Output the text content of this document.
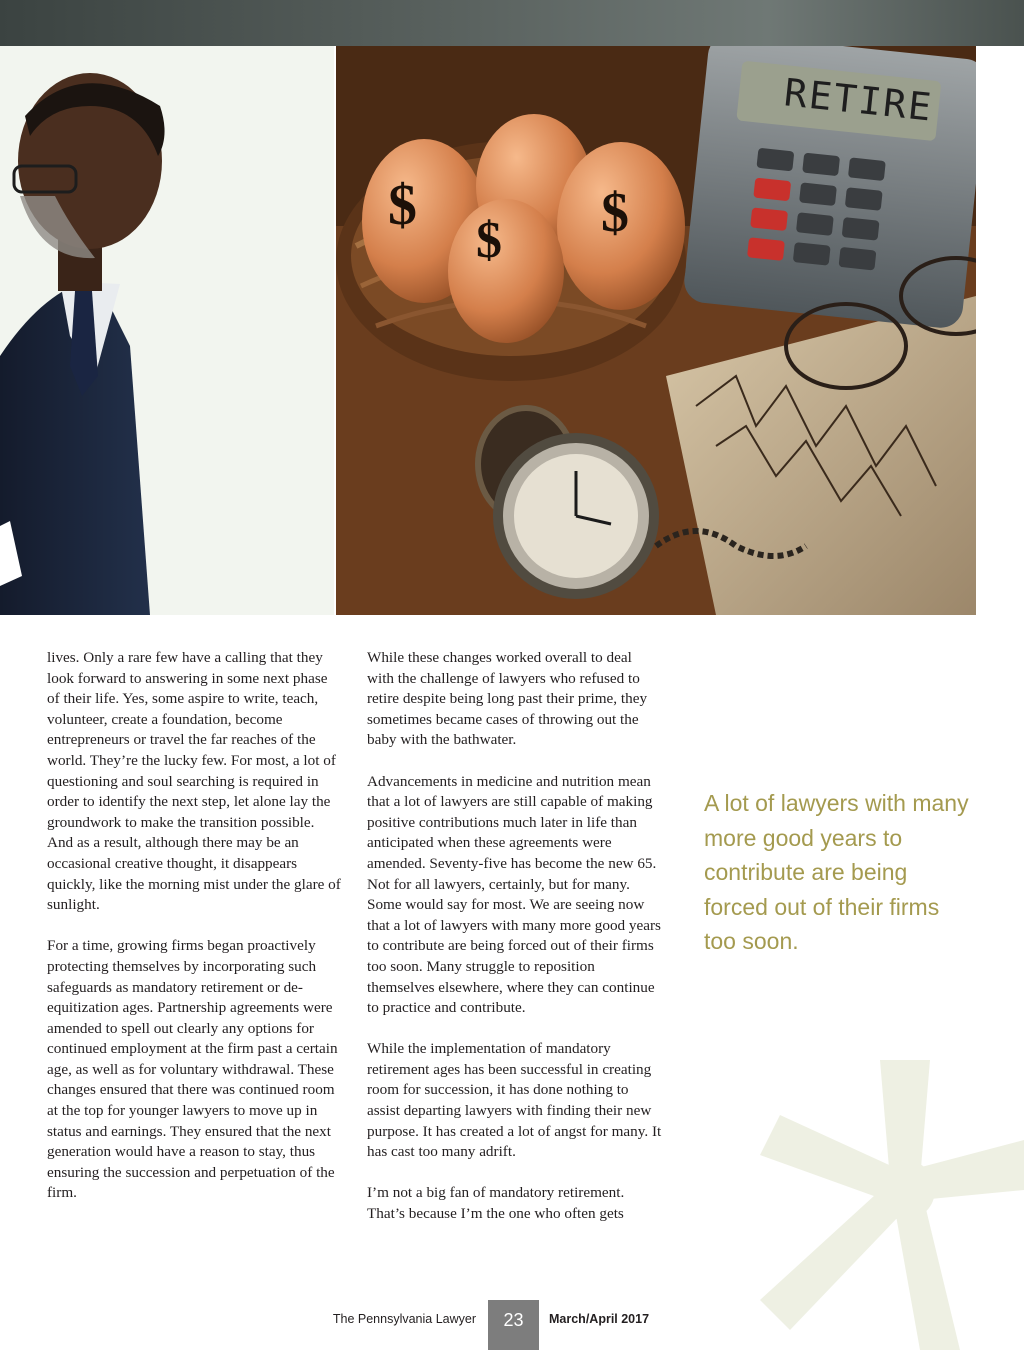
RETIRE
$
$ $

lives. Only a rare few have a calling that they look forward to answering in some next phase of their life. Yes, some aspire to write, teach, volunteer, create a foundation, become entrepreneurs or travel the far reaches of the world. They’re the lucky few. For most, a lot of questioning and soul searching is required in order to identify the next step, let alone lay the groundwork to make the transition possible. And as a result, although there may be an occasional creative thought, it disappears quickly, like the morning mist under the glare of sunlight.

For a time, growing firms began proactively protecting themselves by incorporating such safeguards as mandatory retirement or de-equitization ages. Partnership agreements were amended to spell out clearly any options for continued employment at the firm past a certain age, as well as for voluntary withdrawal. These changes ensured that there was continued room at the top for younger lawyers to move up in status and earnings. They ensured that the next generation would have a reason to stay, thus ensuring the succession and perpetuation of the firm.

While these changes worked overall to deal with the challenge of lawyers who refused to retire despite being long past their prime, they sometimes became cases of throwing out the baby with the bathwater.

Advancements in medicine and nutrition mean that a lot of lawyers are still capable of making positive contributions much later in life than anticipated when these agreements were amended. Seventy-five has become the new 65. Not for all lawyers, certainly, but for many. Some would say for most. We are seeing now that a lot of lawyers with many more good years to contribute are being forced out of their firms too soon. Many struggle to reposition themselves elsewhere, where they can continue to practice and contribute.

While the implementation of mandatory retirement ages has been successful in creating room for succession, it has done nothing to assist departing lawyers with finding their new purpose. It has created a lot of angst for many. It has cast too many adrift.

I’m not a big fan of mandatory retirement. That’s because I’m the one who often gets

A lot of lawyers with many more good years to contribute are being forced out of their firms too soon.
The Pennsylvania Lawyer	23	March/April 2017
